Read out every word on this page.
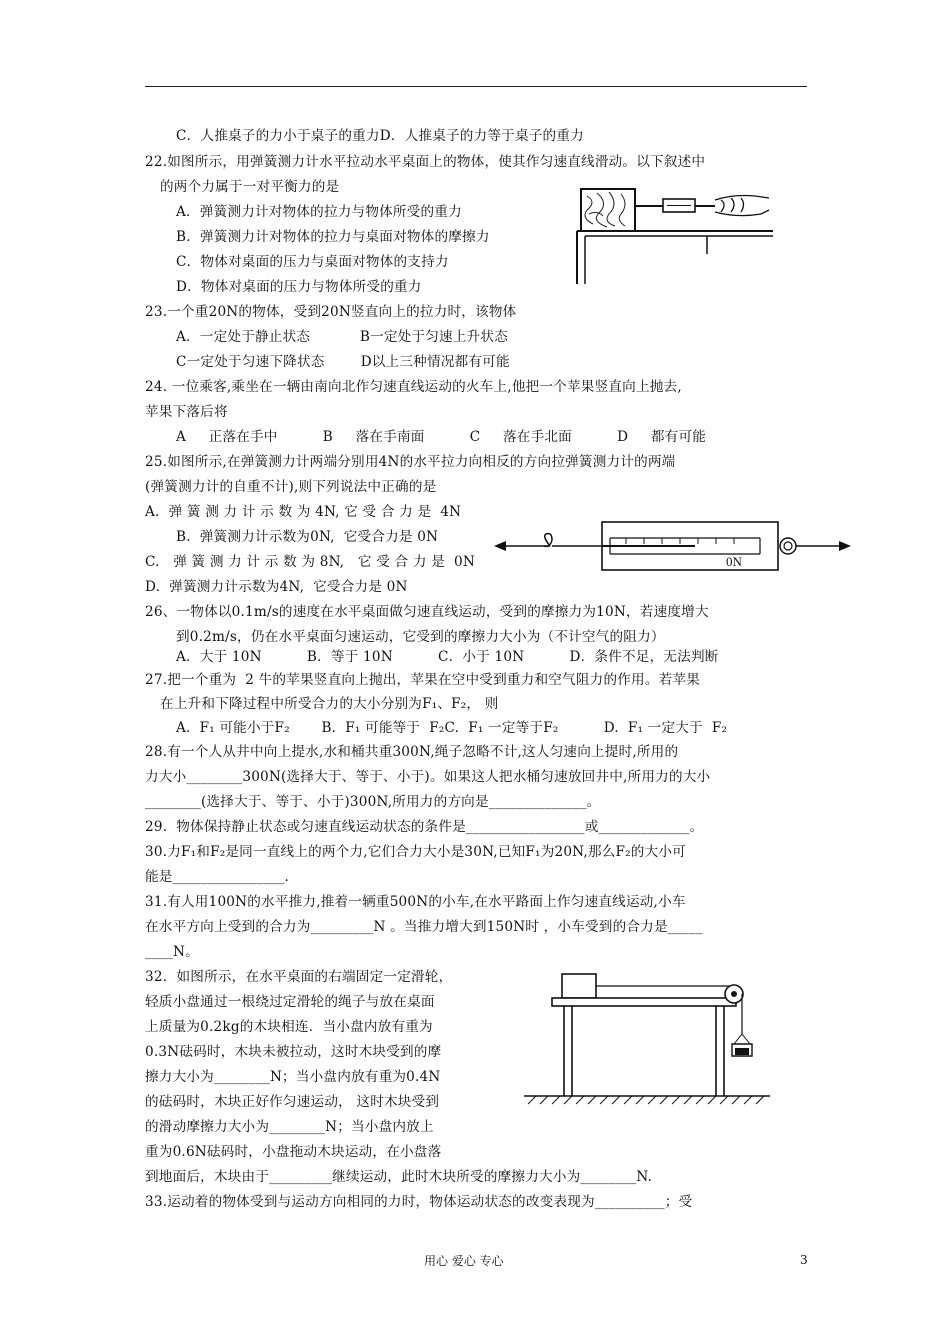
C．人推桌子的力小于桌子的重力D．人推桌子的力等于桌子的重力
22.如图所示，用弹簧测力计水平拉动水平桌面上的物体，使其作匀速直线滑动。以下叙述中
的两个力属于一对平衡力的是
A．弹簧测力计对物体的拉力与物体所受的重力
B．弹簧测力计对物体的拉力与桌面对物体的摩擦力
C．物体对桌面的压力与桌面对物体的支持力
D．物体对桌面的压力与物体所受的重力
23.一个重20N的物体，受到20N竖直向上的拉力时，该物体
A．一定处于静止状态           B一定处于匀速上升状态
C一定处于匀速下降状态        D以上三种情况都有可能
24. 一位乘客,乘坐在一辆由南向北作匀速直线运动的火车上,他把一个苹果竖直向上抛去,
苹果下落后将
A     正落在手中          B     落在手南面          C     落在手北面          D     都有可能
25.如图所示,在弹簧测力计两端分别用4N的水平拉力向相反的方向拉弹簧测力计的两端
(弹簧测力计的自重不计),则下列说法中正确的是
A.  弹 簧 测 力 计 示 数 为 4N, 它 受 合 力 是  4N
B.  弹簧测力计示数为0N,  它受合力是 0N
C.   弹 簧 测 力 计 示 数 为 8N,   它 受 合 力 是  0N
D.  弹簧测力计示数为4N,  它受合力是 0N
26、一物体以0.1m/s的速度在水平桌面做匀速直线运动，受到的摩擦力为10N，若速度增大
到0.2m/s，仍在水平桌面匀速运动，它受到的摩擦力大小为（不计空气的阻力）
A．大于 10N          B．等于 10N          C．小于 10N          D．条件不足，无法判断
27.把一个重为  2 牛的苹果竖直向上抛出，苹果在空中受到重力和空气阻力的作用。若苹果
在上升和下降过程中所受合力的大小分别为F₁、F₂， 则
A.  F₁ 可能小于F₂       B.  F₁ 可能等于  F₂C.  F₁ 一定等于F₂          D.  F₁ 一定大于  F₂
28.有一个人从井中向上提水,水和桶共重300N,绳子忽略不计,这人匀速向上提时,所用的
力大小________300N(选择大于、等于、小于)。如果这人把水桶匀速放回井中,所用力的大小
________(选择大于、等于、小于)300N,所用力的方向是______________。
29.  物体保持静止状态或匀速直线运动状态的条件是_________________或_____________。
30.力F₁和F₂是同一直线上的两个力,它们合力大小是30N,已知F₁为20N,那么F₂的大小可
能是________________.
31.有人用100N的水平推力,推着一辆重500N的小车,在水平路面上作匀速直线运动,小车
在水平方向上受到的合力为_________N 。当推力增大到150N时 ，小车受到的合力是_____
____N。
32．如图所示，在水平桌面的右端固定一定滑轮，
轻质小盘通过一根绕过定滑轮的绳子与放在桌面
上质量为0.2kg的木块相连．当小盘内放有重为
0.3N砝码时，木块未被拉动，这时木块受到的摩
擦力大小为________N；当小盘内放有重为0.4N
的砝码时，木块正好作匀速运动， 这时木块受到
的滑动摩擦力大小为________N；当小盘内放上
重为0.6N砝码时，小盘拖动木块运动，在小盘落
到地面后，木块由于_________继续运动，此时木块所受的摩擦力大小为________N.
33.运动着的物体受到与运动方向相同的力时，物体运动状态的改变表现为__________；受
0N
用心 爱心 专心	3
